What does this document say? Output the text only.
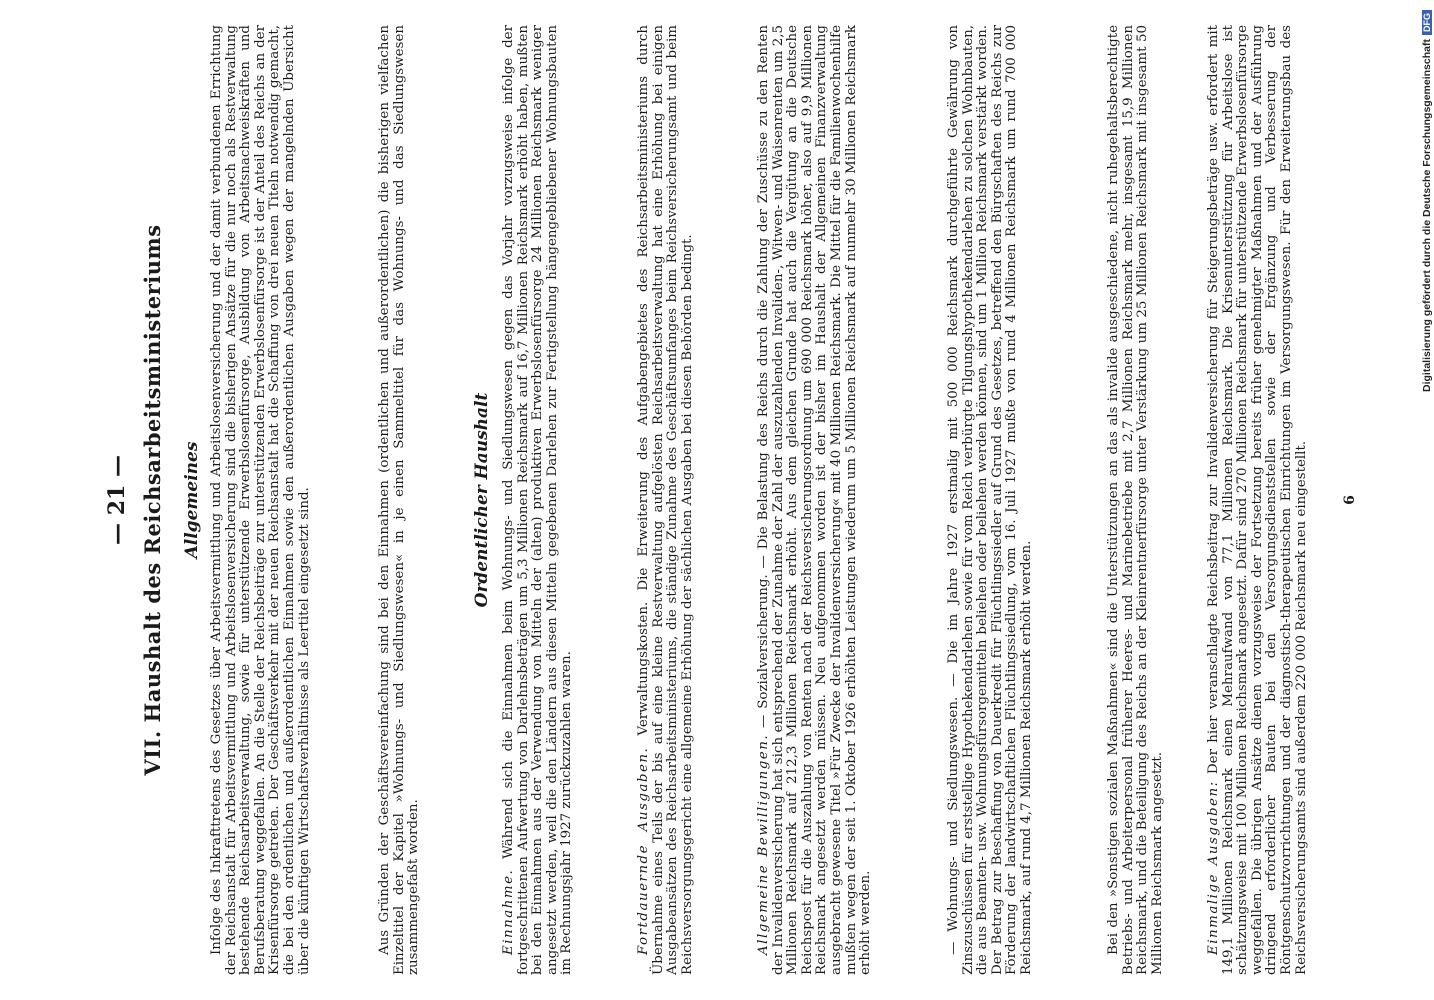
— 21 — VII. Haushalt des Reichsarbeitsministeriums Allgemeines Infolge des Inkrafttretens des Gesetzes über Arbeitsvermittlung und Arbeitslosenversicherung und der damit verbundenen Errichtung der Reichsanstalt für Arbeitsvermittlung und Arbeitslosenversicherung sind die bisherigen Ansätze für die nur noch als Restverwaltung bestehende Reichsarbeitsverwaltung, sowie für unterstützende Erwerbslosenfürsorge, Ausbildung von Arbeitsnachweiskräften und Berufsberatung weggefallen. An die Stelle der Reichsbeiträge zur unterstützenden Erwerbslosenfürsorge ist der Anteil des Reichs an der Krisenfürsorge getreten. Der Geschäftsverkehr mit der neuen Reichsanstalt hat die Schaffung von drei neuen Titeln notwendig gemacht, die bei den ordentlichen und außerordentlichen Einnahmen sowie den außerordentlichen Ausgaben wegen der mangelnden Übersicht über die künftigen Wirtschaftsverhältnisse als Leertitel eingesetzt sind.	Aus Gründen der Geschäftsvereinfachung sind bei den Einnahmen (ordentlichen und außerordentlichen) die bisherigen vielfachen Einzeltitel der Kapitel »Wohnungs- und Siedlungswesen« in je einen Sammeltitel für das Wohnungs- und das Siedlungswesen zusammengefaßt worden.

Ordentlicher Haushalt

Einnahme. Während sich die Einnahmen beim Wohnungs- und Siedlungswesen gegen das Vorjahr vorzugsweise infolge der fortgeschrittenen Aufwertung von Darlehnsbeträgen um 5,3 Millionen Reichsmark auf 16,7 Millionen Reichsmark erhöht haben, mußten bei den Einnahmen aus der Verwendung von Mitteln der (alten) produktiven Erwerbslosenfürsorge 24 Millionen Reichsmark weniger angesetzt werden, weil die den Ländern aus diesen Mitteln gegebenen Darlehen zur Fertigstellung hängengebliebener Wohnungsbauten im Rechnungsjahr 1927 zurückzuzahlen waren.	Fortdauernde Ausgaben. Verwaltungskosten. Die Erweiterung des Aufgabengebietes des Reichsarbeitsministeriums durch Übernahme eines Teils der bis auf eine kleine Restverwaltung aufgelösten Reichsarbeitsverwaltung hat eine Erhöhung bei einigen Ausgabeansätzen des Reichsarbeitsministeriums, die ständige Zunahme des Geschäftsumfanges beim Reichsversicherungsamt und beim Reichsversorgungsgericht eine allgemeine Erhöhung der sächlichen Ausgaben bei diesen Behörden bedingt.	Allgemeine Bewilligungen. — Sozialversicherung. — Die Belastung des Reichs durch die Zahlung der Zuschüsse zu den Renten der Invalidenversicherung hat sich entsprechend der Zunahme der Zahl der auszuzahlenden Invaliden-, Witwen- und Waisenrenten um 2,5 Millionen Reichsmark auf 212,3 Millionen Reichsmark erhöht. Aus dem gleichen Grunde hat auch die Vergütung an die Deutsche Reichspost für die Auszahlung von Renten nach der Reichsversicherungsordnung um 690 000 Reichsmark höher, also auf 9,9 Millionen Reichsmark angesetzt werden müssen. Neu aufgenommen worden ist der bisher im Haushalt der Allgemeinen Finanzverwaltung ausgebracht gewesene Titel »Für Zwecke der Invalidenversicherung« mit 40 Millionen Reichsmark. Die Mittel für die Familienwochenhilfe mußten wegen der seit 1. Oktober 1926 erhöhten Leistungen wiederum um 5 Millionen Reichsmark auf nunmehr 30 Millionen Reichsmark erhöht werden.	— Wohnungs- und Siedlungswesen. — Die im Jahre 1927 erstmalig mit 500 000 Reichsmark durchgeführte Gewährung von Zinszuschüssen für erststellige Hypothekendarlehen sowie für vom Reich verbürgte Tilgungshypothekendarlehen zu solchen Wohnbauten, die aus Beamten- usw. Wohnungsfürsorgemitteln beliehen oder beliehen werden können, sind um 1 Million Reichsmark verstärkt worden. Der Betrag zur Beschaffung von Dauerkredit für Flüchtlingssiedler auf Grund des Gesetzes, betreffend den Bürgschaften des Reichs zur Förderung der landwirtschaftlichen Flüchtlingssiedlung, vom 16. Juli 1927 mußte von rund 4 Millionen Reichsmark um rund 700 000 Reichsmark, auf rund 4,7 Millionen Reichsmark erhöht werden.	Bei den »Sonstigen sozialen Maßnahmen« sind die Unterstützungen an das als invalide ausgeschiedene, nicht ruhegehaltsberechtigte Betriebs- und Arbeiterpersonal früherer Heeres- und Marinebetriebe mit 2,7 Millionen Reichsmark mehr, insgesamt 15,9 Millionen Reichsmark, und die Beteiligung des Reichs an der Kleinrentnerfürsorge unter Verstärkung um 25 Millionen Reichsmark mit insgesamt 50 Millionen Reichsmark angesetzt.	Einmalige Ausgaben: Der hier veranschlagte Reichsbeitrag zur Invalidenversicherung für Steigerungsbeträge usw. erfordert mit 149,1 Millionen Reichsmark einen Mehraufwand von 77,1 Millionen Reichsmark. Die Krisenunterstützung für Arbeitslose ist schätzungsweise mit 100 Millionen Reichsmark angesetzt. Dafür sind 270 Millionen Reichsmark für unterstützende Erwerbslosenfürsorge weggefallen. Die übrigen Ansätze dienen vorzugsweise der Fortsetzung bereits früher genehmigter Maßnahmen und der Ausführung dringend erforderlicher Bauten bei den Versorgungsdienststellen sowie der Ergänzung und Verbesserung der Röntgenschutzvorrichtungen und der diagnostisch-therapeutischen Einrichtungen im Versorgungswesen. Für den Erweiterungsbau des Reichsversicherungsamts sind außerdem 220 000 Reichsmark neu eingestellt. 6
Digitalisierung gefördert durch die Deutsche ForschungsgemeinschaftDFG
